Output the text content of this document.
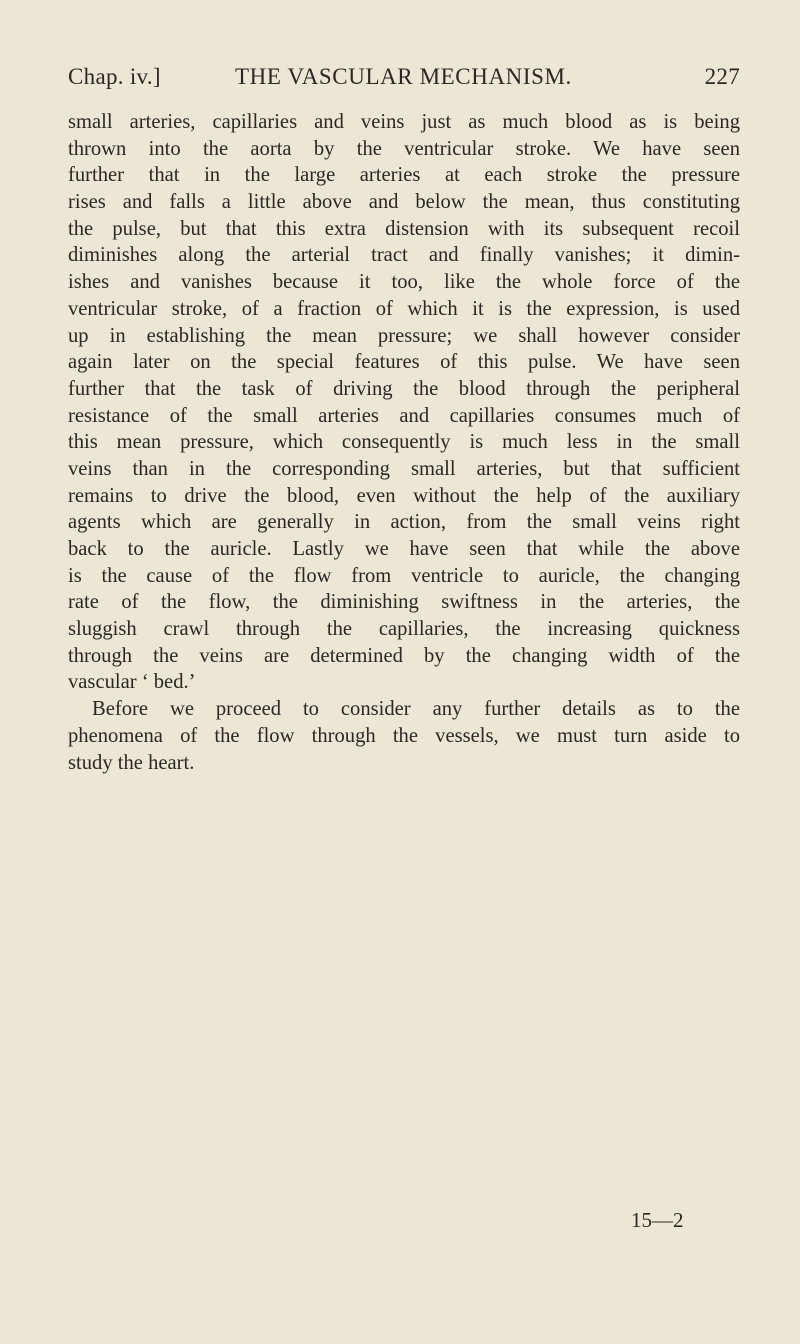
Chap. iv.]	THE VASCULAR MECHANISM.	227
small arteries, capillaries and veins just as much blood as is being
thrown into the aorta by the ventricular stroke. We have seen
further that in the large arteries at each stroke the pressure
rises and falls a little above and below the mean, thus constituting
the pulse, but that this extra distension with its subsequent recoil
diminishes along the arterial tract and finally vanishes; it dimin-
ishes and vanishes because it too, like the whole force of the
ventricular stroke, of a fraction of which it is the expression, is used
up in establishing the mean pressure; we shall however consider
again later on the special features of this pulse. We have seen
further that the task of driving the blood through the peripheral
resistance of the small arteries and capillaries consumes much of
this mean pressure, which consequently is much less in the small
veins than in the corresponding small arteries, but that sufficient
remains to drive the blood, even without the help of the auxiliary
agents which are generally in action, from the small veins right
back to the auricle. Lastly we have seen that while the above
is the cause of the flow from ventricle to auricle, the changing
rate of the flow, the diminishing swiftness in the arteries, the
sluggish crawl through the capillaries, the increasing quickness
through the veins are determined by the changing width of the
vascular ‘ bed.’
Before we proceed to consider any further details as to the
phenomena of the flow through the vessels, we must turn aside to
study the heart.
15—2
